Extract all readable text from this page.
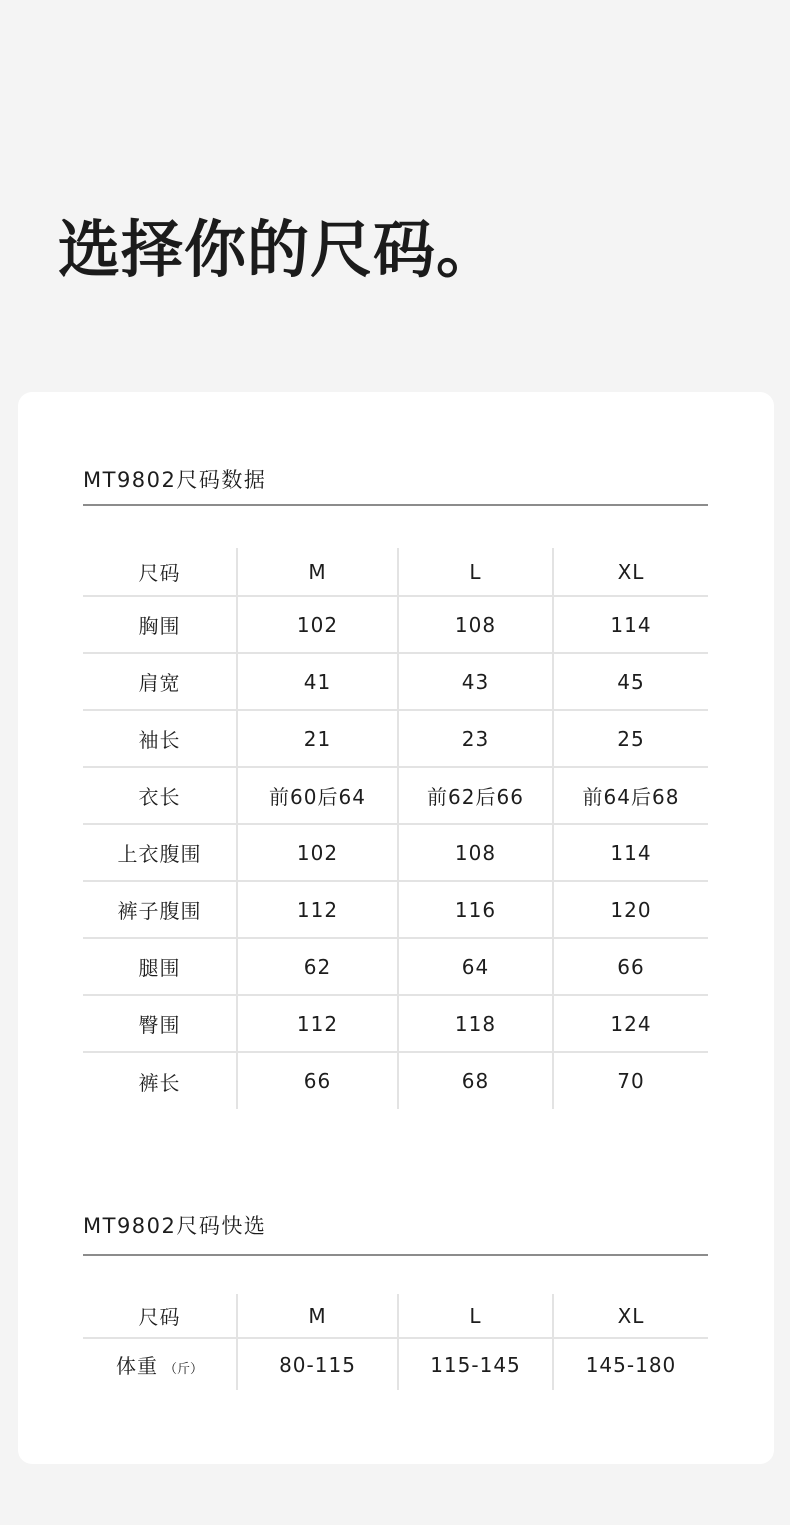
选择你的尺码。
MT9802尺码数据
尺码	M	L	XL
胸围	102	108	114
肩宽	41	43	45
袖长	21	23	25
衣长	前60后64	前62后66	前64后68
上衣腹围	102	108	114
裤子腹围	112	116	120
腿围	62	64	66
臀围	112	118	124
裤长	66	68	70
MT9802尺码快选
尺码	M	L	XL
体重 （斤）	80-115	115-145	145-180
